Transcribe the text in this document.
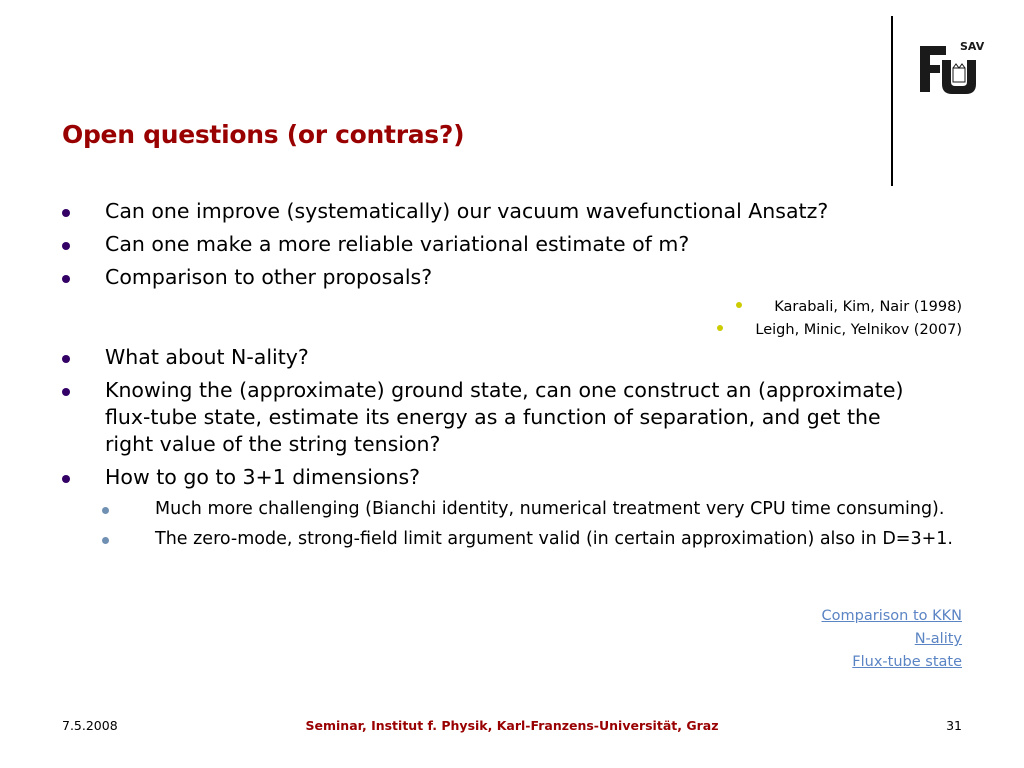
SAV
Open questions (or contras?)
Can one improve (systematically) our vacuum wavefunctional Ansatz?
Can one make a more reliable variational estimate of m?
Comparison to other proposals?
Karabali, Kim, Nair (1998)
Leigh, Minic, Yelnikov (2007)
What about N-ality?
Knowing the (approximate) ground state, can one construct an (approximate) flux-tube state, estimate its energy as a function of separation, and get the right value of the string tension?
How to go to 3+1 dimensions?
Much more challenging (Bianchi identity, numerical treatment very CPU time consuming).
The zero-mode, strong-field limit argument valid (in certain approximation) also in D=3+1.
Comparison to KKN
N-ality
Flux-tube state
Seminar, Institut f. Physik, Karl-Franzens-Universität, Graz
7.5.2008	31
